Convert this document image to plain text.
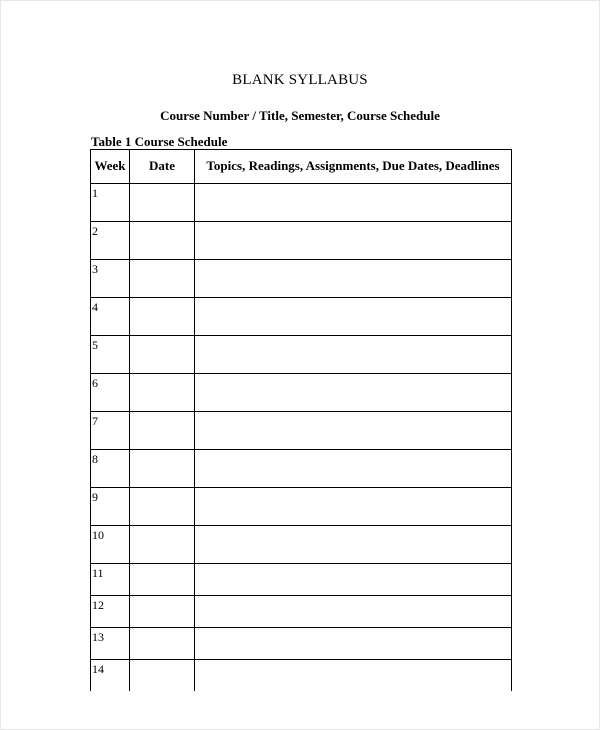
BLANK SYLLABUS
Course Number / Title, Semester, Course Schedule
Table 1 Course Schedule
Week	Date	Topics, Readings, Assignments, Due Dates, Deadlines
1		
2		
3		
4		
5		
6		
7		
8		
9		
10		
11		
12		
13		
14		
